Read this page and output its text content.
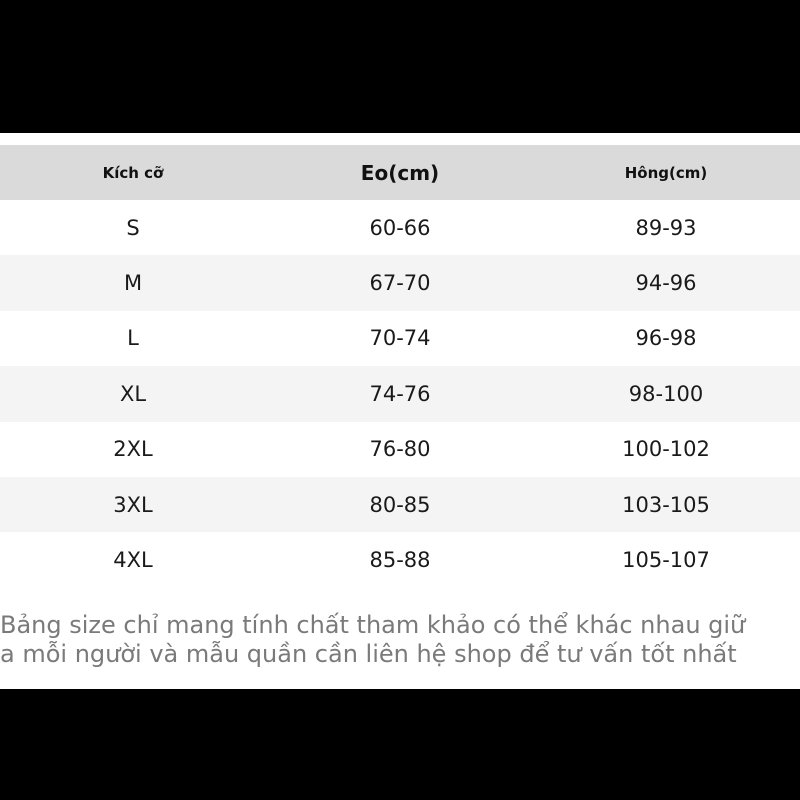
Kích cỡ	Eo(cm)	Hông(cm)
S	60-66	89-93
M	67-70	94-96
L	70-74	96-98
XL	74-76	98-100
2XL	76-80	100-102
3XL	80-85	103-105
4XL	85-88	105-107
Bảng size chỉ mang tính chất tham khảo có thể khác nhau giữ
a mỗi người và mẫu quần cần liên hệ shop để tư vấn tốt nhất
